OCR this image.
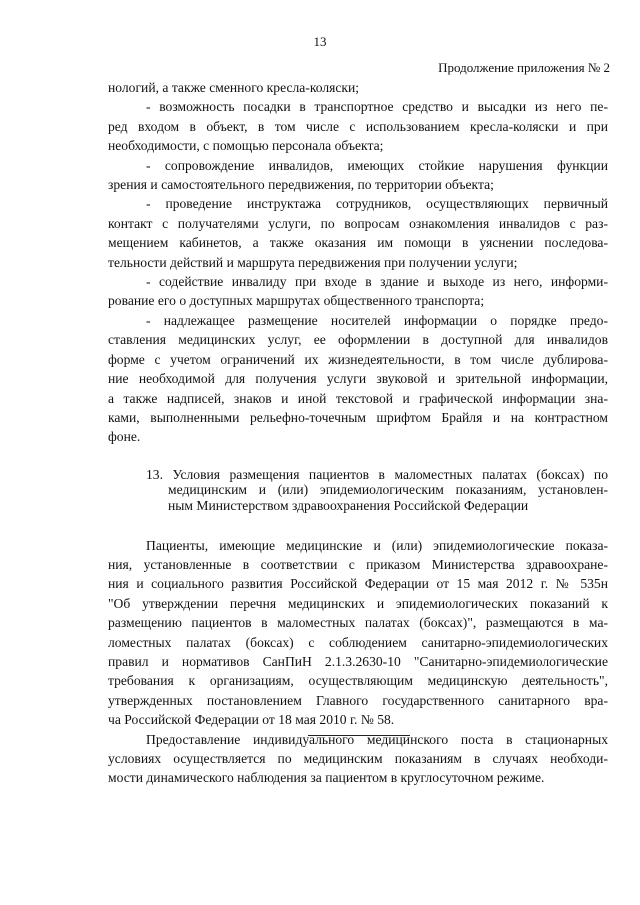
13
Продолжение приложения № 2

нологий, а также сменного кресла-коляски;

- возможность посадки в транспортное средство и высадки из него пе-
ред входом в объект, в том числе с использованием кресла-коляски и при
необходимости, с помощью персонала объекта;

- сопровождение инвалидов, имеющих стойкие нарушения функции
зрения и самостоятельного передвижения, по территории объекта;

- проведение инструктажа сотрудников, осуществляющих первичный
контакт с получателями услуги, по вопросам ознакомления инвалидов с раз-
мещением кабинетов, а также оказания им помощи в уяснении последова-
тельности действий и маршрута передвижения при получении услуги;

- содействие инвалиду при входе в здание и выходе из него, информи-
рование его о доступных маршрутах общественного транспорта;

- надлежащее размещение носителей информации о порядке предо-
ставления медицинских услуг, ее оформлении в доступной для инвалидов
форме с учетом ограничений их жизнедеятельности, в том числе дублирова-
ние необходимой для получения услуги звуковой и зрительной информации,
а также надписей, знаков и иной текстовой и графической информации зна-
ками, выполненными рельефно-точечным шрифтом Брайля и на контрастном
фоне.

13. Условия размещения пациентов в маломестных палатах (боксах) по
медицинским и (или) эпидемиологическим показаниям, установлен-
ным Министерством здравоохранения Российской Федерации

Пациенты, имеющие медицинские и (или) эпидемиологические показа-
ния, установленные в соответствии с приказом Министерства здравоохране-
ния и социального развития Российской Федерации от 15 мая 2012 г. № 535н
"Об утверждении перечня медицинских и эпидемиологических показаний к
размещению пациентов в маломестных палатах (боксах)", размещаются в ма-
ломестных палатах (боксах) с соблюдением санитарно-эпидемиологических
правил и нормативов СанПиН 2.1.3.2630-10 "Санитарно-эпидемиологические
требования к организациям, осуществляющим медицинскую деятельность",
утвержденных постановлением Главного государственного санитарного вра-
ча Российской Федерации от 18 мая 2010 г. № 58.

Предоставление индивидуального медицинского поста в стационарных
условиях осуществляется по медицинским показаниям в случаях необходи-
мости динамического наблюдения за пациентом в круглосуточном режиме.
